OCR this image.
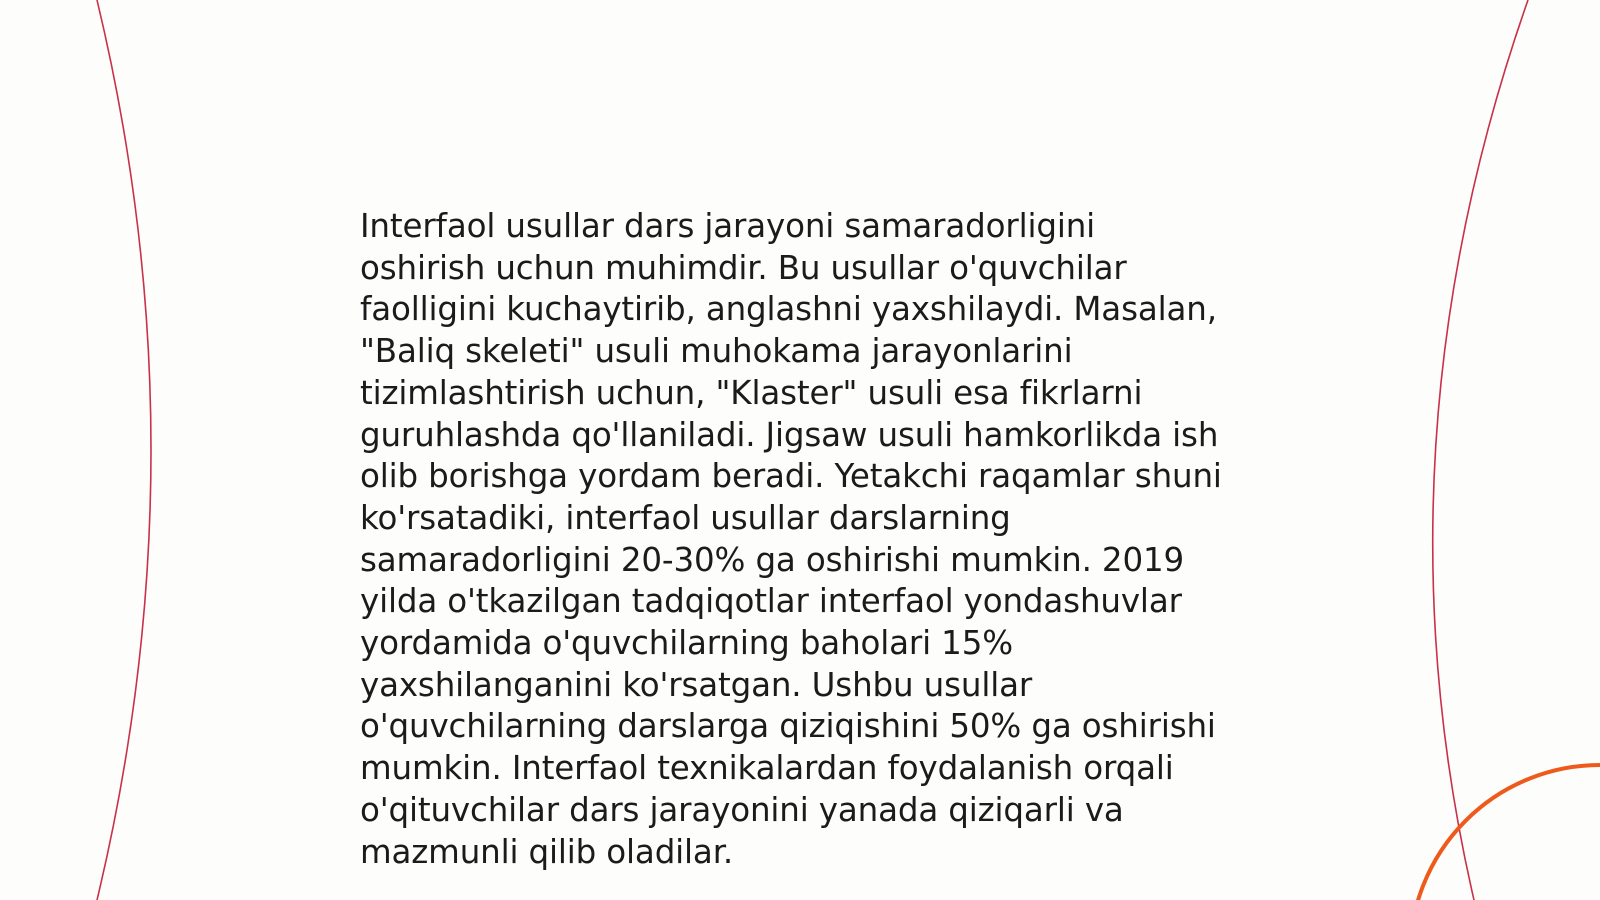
Interfaol usullar dars jarayoni samaradorligini
oshirish uchun muhimdir. Bu usullar o'quvchilar
faolligini kuchaytirib, anglashni yaxshilaydi. Masalan,
"Baliq skeleti" usuli muhokama jarayonlarini
tizimlashtirish uchun, "Klaster" usuli esa fikrlarni
guruhlashda qo'llaniladi. Jigsaw usuli hamkorlikda ish
olib borishga yordam beradi. Yetakchi raqamlar shuni
ko'rsatadiki, interfaol usullar darslarning
samaradorligini 20-30% ga oshirishi mumkin. 2019
yilda o'tkazilgan tadqiqotlar interfaol yondashuvlar
yordamida o'quvchilarning baholari 15%
yaxshilanganini ko'rsatgan. Ushbu usullar
o'quvchilarning darslarga qiziqishini 50% ga oshirishi
mumkin. Interfaol texnikalardan foydalanish orqali
o'qituvchilar dars jarayonini yanada qiziqarli va
mazmunli qilib oladilar.
